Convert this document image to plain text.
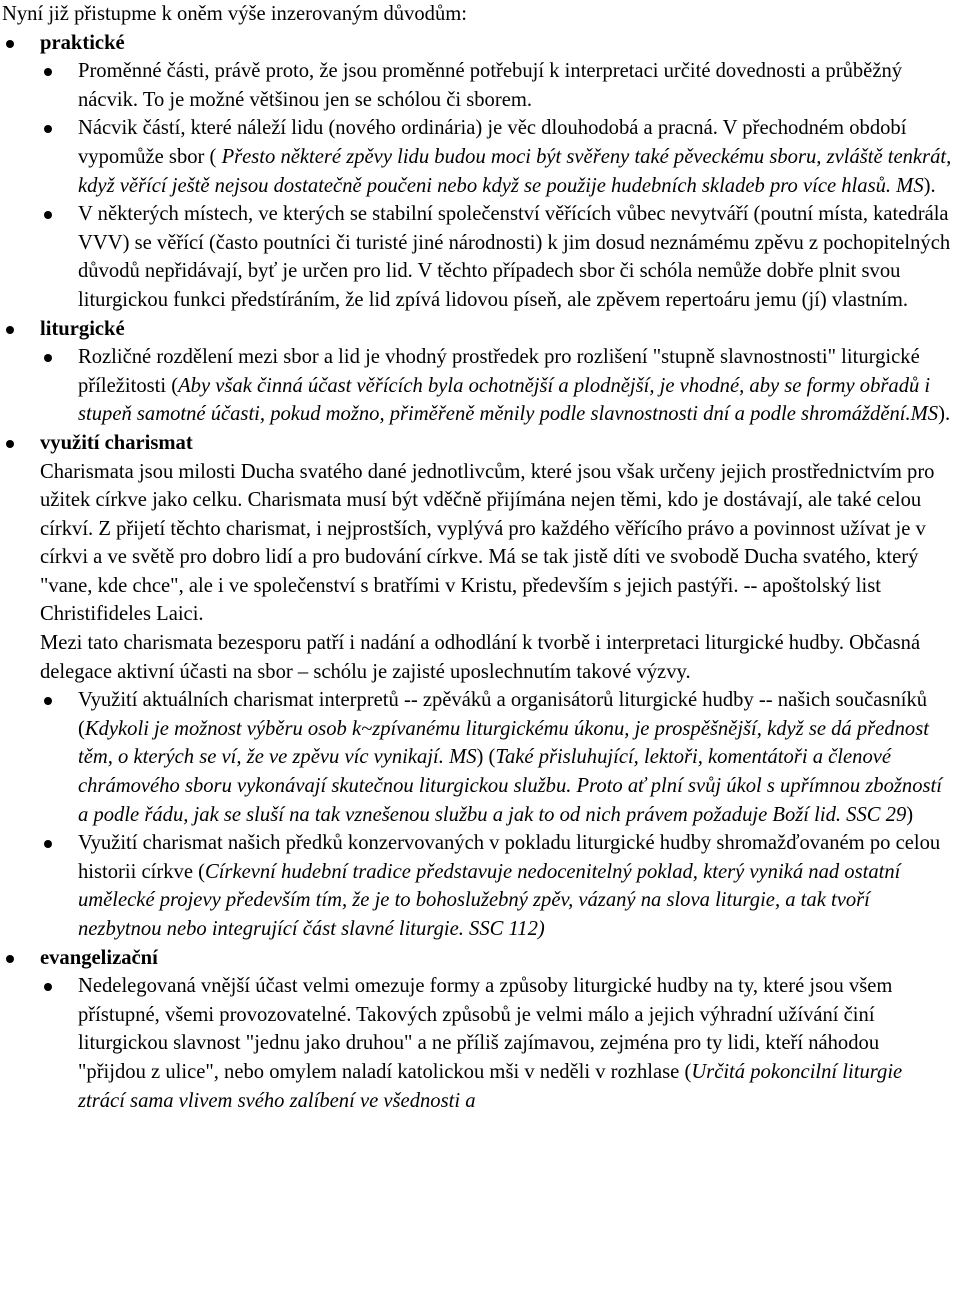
Nyní již přistupme k oněm výše inzerovaným důvodům:

praktické
Proměnné části, právě proto, že jsou proměnné potřebují k interpretaci určité dovednosti a průběžný nácvik. To je možné většinou jen se schólou či sborem.
Nácvik částí, které náleží lidu (nového ordinária) je věc dlouhodobá a pracná. V přechodném období vypomůže sbor ( Přesto některé zpěvy lidu budou moci být svěřeny také pěveckému sboru, zvláště tenkrát, když věřící ještě nejsou dostatečně poučeni nebo když se použije hudebních skladeb pro více hlasů. MS).
V některých místech, ve kterých se stabilní společenství věřících vůbec nevytváří (poutní místa, katedrála VVV) se věřící (často poutníci či turisté jiné národnosti) k jim dosud neznámému zpěvu z pochopitelných důvodů nepřidávají, byť je určen pro lid. V těchto případech sbor či schóla nemůže dobře plnit svou liturgickou funkci předstíráním, že lid zpívá lidovou píseň, ale zpěvem repertoáru jemu (jí) vlastním.
liturgické
Rozličné rozdělení mezi sbor a lid je vhodný prostředek pro rozlišení "stupně slavnostnosti" liturgické příležitosti (Aby však činná účast věřících byla ochotnější a plodnější, je vhodné, aby se formy obřadů i stupeň samotné účasti, pokud možno, přiměřeně měnily podle slavnostnosti dní a podle shromáždění.MS).
využití charismat

Charismata jsou milosti Ducha svatého dané jednotlivcům, které jsou však určeny jejich prostřednictvím pro užitek církve jako celku. Charismata musí být vděčně přijímána nejen těmi, kdo je dostávají, ale také celou církví. Z přijetí těchto charismat, i nejprostších, vyplývá pro každého věřícího právo a povinnost užívat je v církvi a ve světě pro dobro lidí a pro budování církve. Má se tak jistě díti ve svobodě Ducha svatého, který "vane, kde chce", ale i ve společenství s bratřími v Kristu, především s jejich pastýři. -- apoštolský list Christifideles Laici.

Mezi tato charismata bezesporu patří i nadání a odhodlání k tvorbě i interpretaci liturgické hudby. Občasná delegace aktivní účasti na sbor – schólu je zajisté uposlechnutím takové výzvy.

Využití aktuálních charismat interpretů -- zpěváků a organisátorů liturgické hudby -- našich současníků (Kdykoli je možnost výběru osob k~zpívanému liturgickému úkonu, je prospěšnější, když se dá přednost těm, o kterých se ví, že ve zpěvu víc vynikají. MS) (Také přisluhující, lektoři, komentátoři a členové chrámového sboru vykonávají skutečnou liturgickou službu. Proto ať plní svůj úkol s upřímnou zbožností a podle řádu, jak se sluší na tak vznešenou službu a jak to od nich právem požaduje Boží lid. SSC 29)
Využití charismat našich předků konzervovaných v pokladu liturgické hudby shromažďovaném po celou historii církve (Církevní hudební tradice představuje nedocenitelný poklad, který vyniká nad ostatní umělecké projevy především tím, že je to bohoslužebný zpěv, vázaný na slova liturgie, a tak tvoří nezbytnou nebo integrující část slavné liturgie. SSC 112)
evangelizační
Nedelegovaná vnější účast velmi omezuje formy a způsoby liturgické hudby na ty, které jsou všem přístupné, všemi provozovatelné. Takových způsobů je velmi málo a jejich výhradní užívání činí liturgickou slavnost "jednu jako druhou" a ne příliš zajímavou, zejména pro ty lidi, kteří náhodou "přijdou z ulice", nebo omylem naladí katolickou mši v neděli v rozhlase (Určitá pokoncilní liturgie ztrácí sama vlivem svého zalíbení ve všednosti a
